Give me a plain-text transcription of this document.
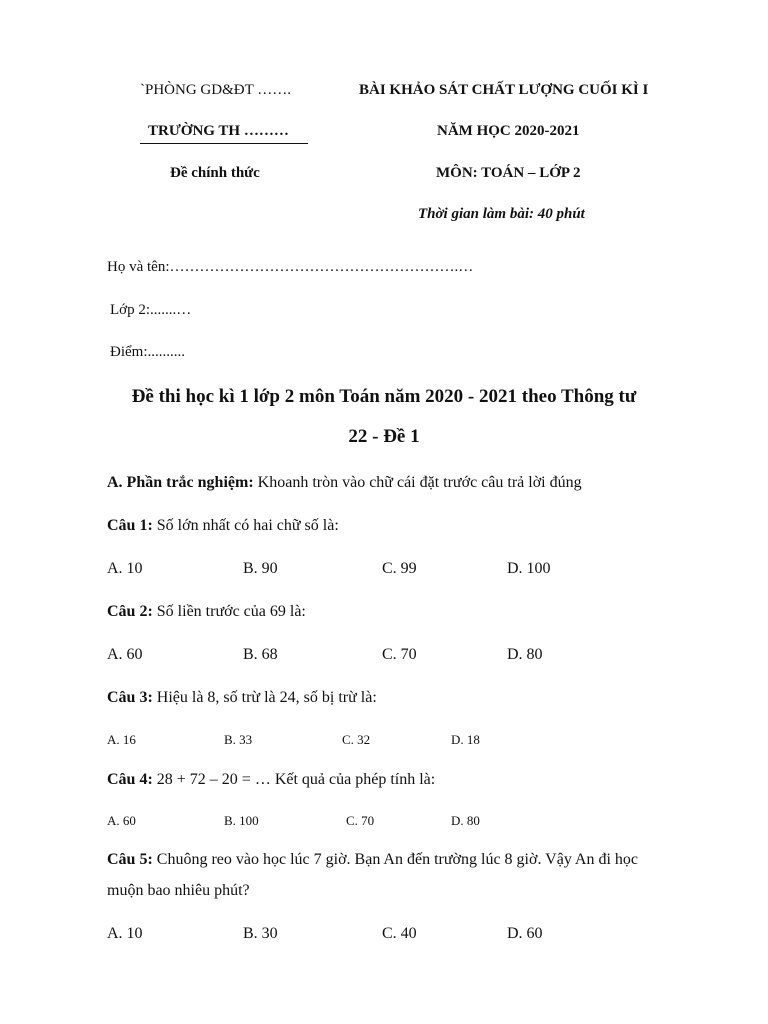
`PHÒNG GD&ĐT …….
TRƯỜNG TH ………
Đề chính thức
BÀI KHẢO SÁT CHẤT LƯỢNG CUỐI KÌ I
NĂM HỌC 2020-2021
MÔN: TOÁN – LỚP 2
Thời gian làm bài: 40 phút
Họ và tên:………………………………………………….…
Lớp 2:.......…
Điểm:..........
Đề thi học kì 1 lớp 2 môn Toán năm 2020 - 2021 theo Thông tư
22 - Đề 1
A. Phần trắc nghiệm: Khoanh tròn vào chữ cái đặt trước câu trả lời đúng
Câu 1: Số lớn nhất có hai chữ số là:
A. 10	B. 90	C. 99	D. 100
Câu 2: Số liền trước của 69 là:
A. 60	B. 68	C. 70	D. 80
Câu 3: Hiệu là 8, số trừ là 24, số bị trừ là:
A. 16	B. 33	C. 32	D. 18
Câu 4: 28 + 72 – 20 = … Kết quả của phép tính là:
A. 60	B. 100	C. 70	D. 80
Câu 5: Chuông reo vào học lúc 7 giờ. Bạn An đến trường lúc 8 giờ. Vậy An đi học
muộn bao nhiêu phút?
A. 10	B. 30	C. 40	D. 60
